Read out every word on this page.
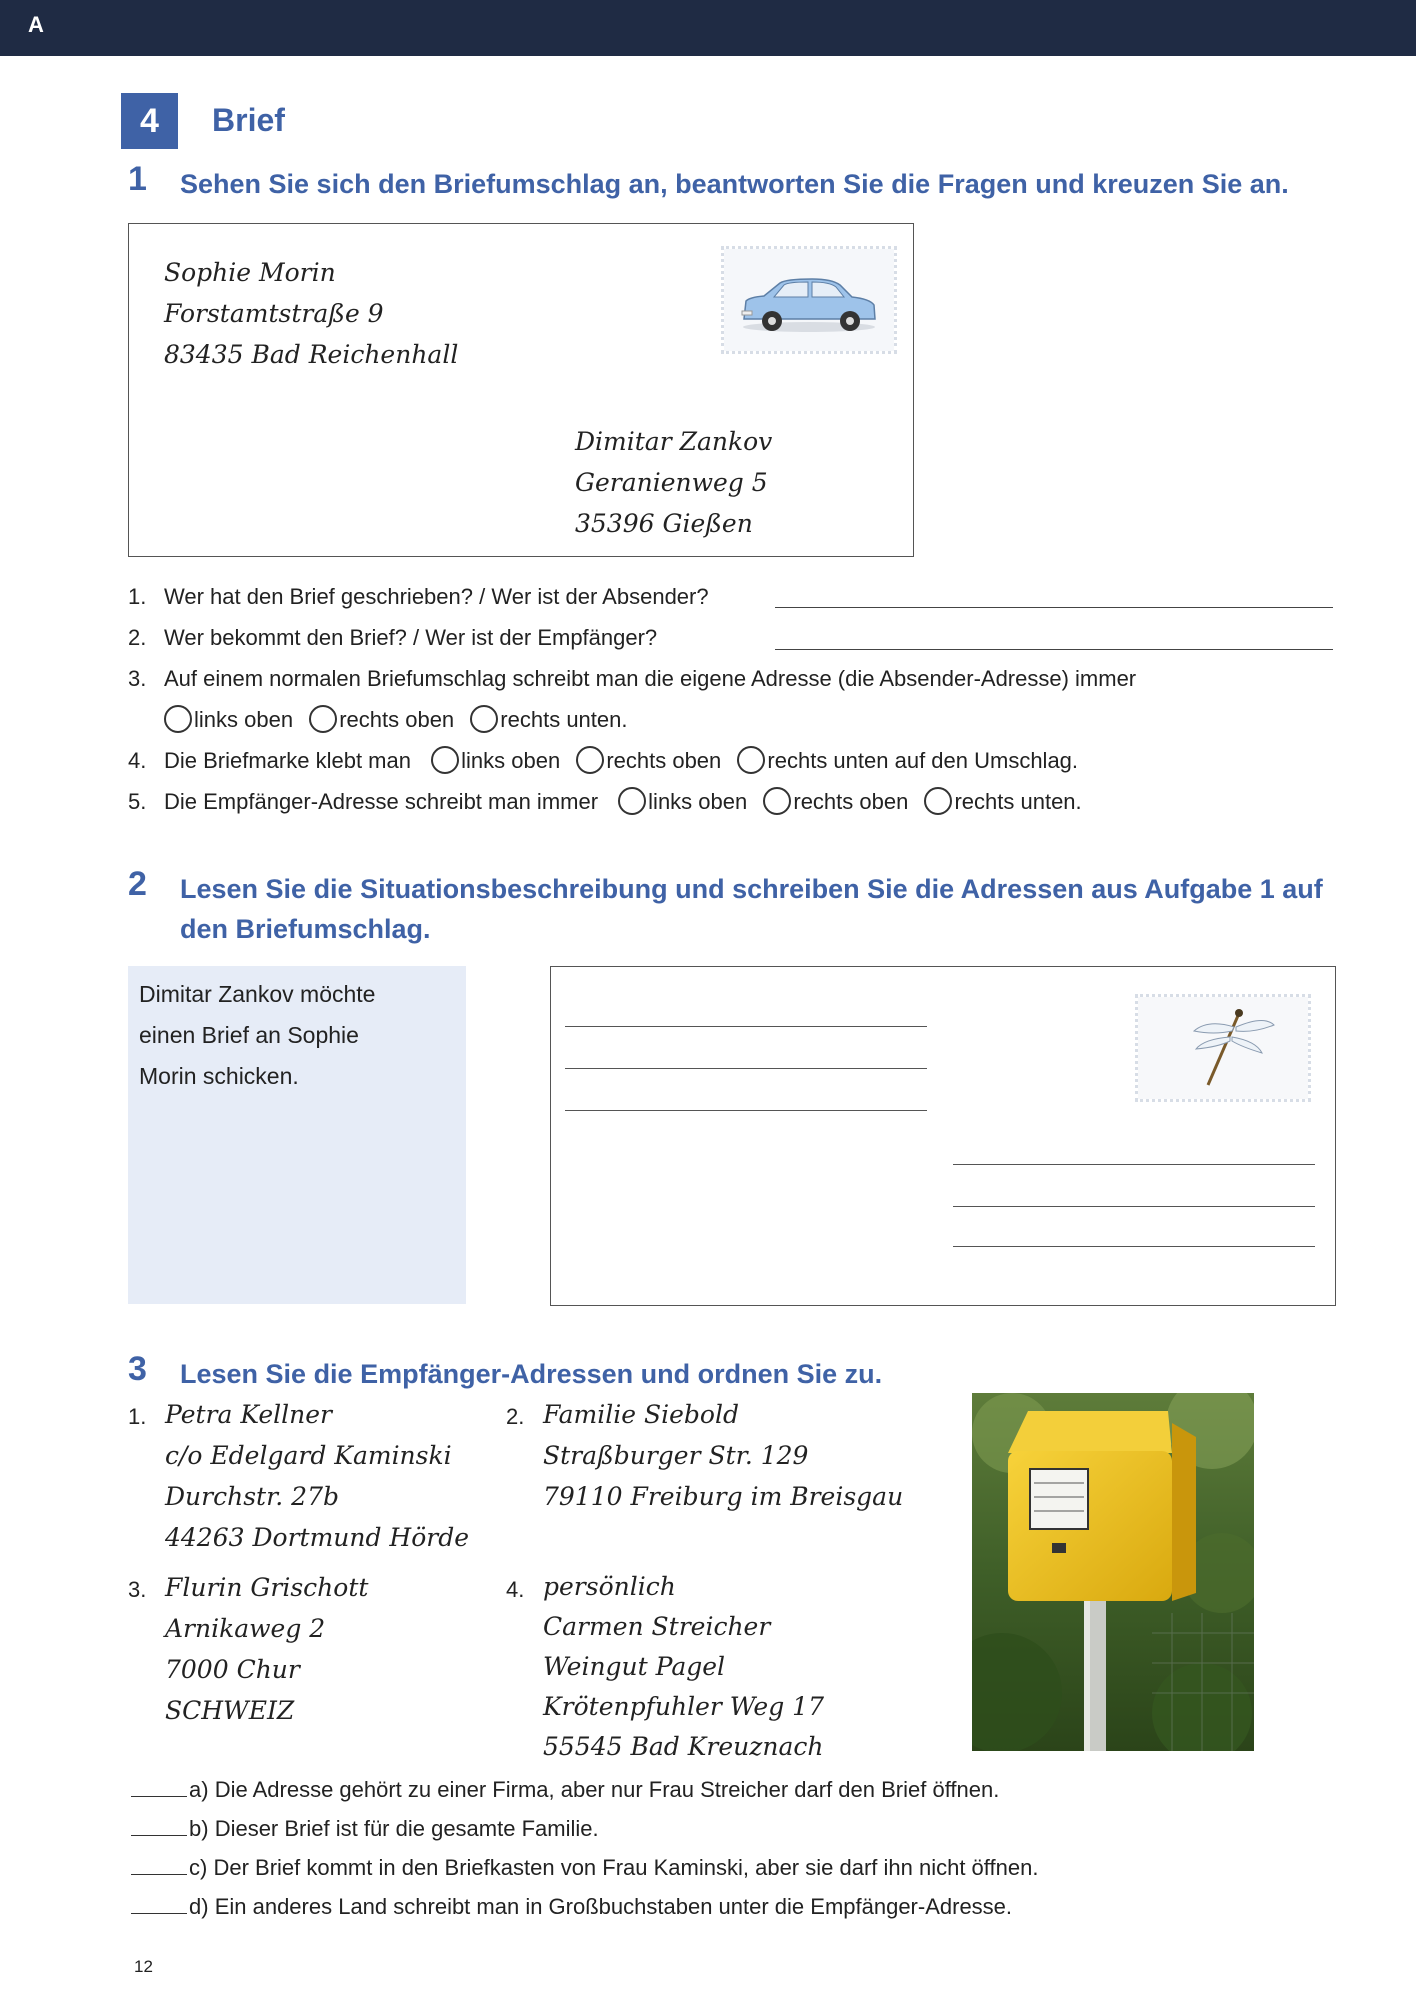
A
4	Brief
1 Sehen Sie sich den Briefumschlag an, beantworten Sie die Fragen und kreuzen Sie an.
Sophie Morin
Forstamtstraße 9
83435 Bad Reichenhall
Dimitar Zankov
Geranienweg 5
35396 Gießen
1. Wer hat den Brief geschrieben? / Wer ist der Absender?
2. Wer bekommt den Brief? / Wer ist der Empfänger?
3. Auf einem normalen Briefumschlag schreibt man die eigene Adresse (die Absender-Adresse) immer
links oben rechts oben rechts unten.
4. Die Briefmarke klebt man links oben rechts oben rechts unten auf den Umschlag.
5. Die Empfänger-Adresse schreibt man immer links oben rechts oben rechts unten.
2 Lesen Sie die Situationsbeschreibung und schreiben Sie die Adressen aus Aufgabe 1 auf
den Briefumschlag.
Dimitar Zankov möchte
einen Brief an Sophie
Morin schicken.
3 Lesen Sie die Empfänger-Adressen und ordnen Sie zu.
1. Petra Kellner
c/o Edelgard Kaminski
Durchstr. 27b
44263 Dortmund Hörde
2. Familie Siebold
Straßburger Str. 129
79110 Freiburg im Breisgau
3. Flurin Grischott
Arnikaweg 2
7000 Chur
SCHWEIZ
4. persönlich
Carmen Streicher
Weingut Pagel
Krötenpfuhler Weg 17
55545 Bad Kreuznach
a) Die Adresse gehört zu einer Firma, aber nur Frau Streicher darf den Brief öffnen.
b) Dieser Brief ist für die gesamte Familie.
c) Der Brief kommt in den Briefkasten von Frau Kaminski, aber sie darf ihn nicht öffnen.
d) Ein anderes Land schreibt man in Großbuchstaben unter die Empfänger-Adresse.
12
